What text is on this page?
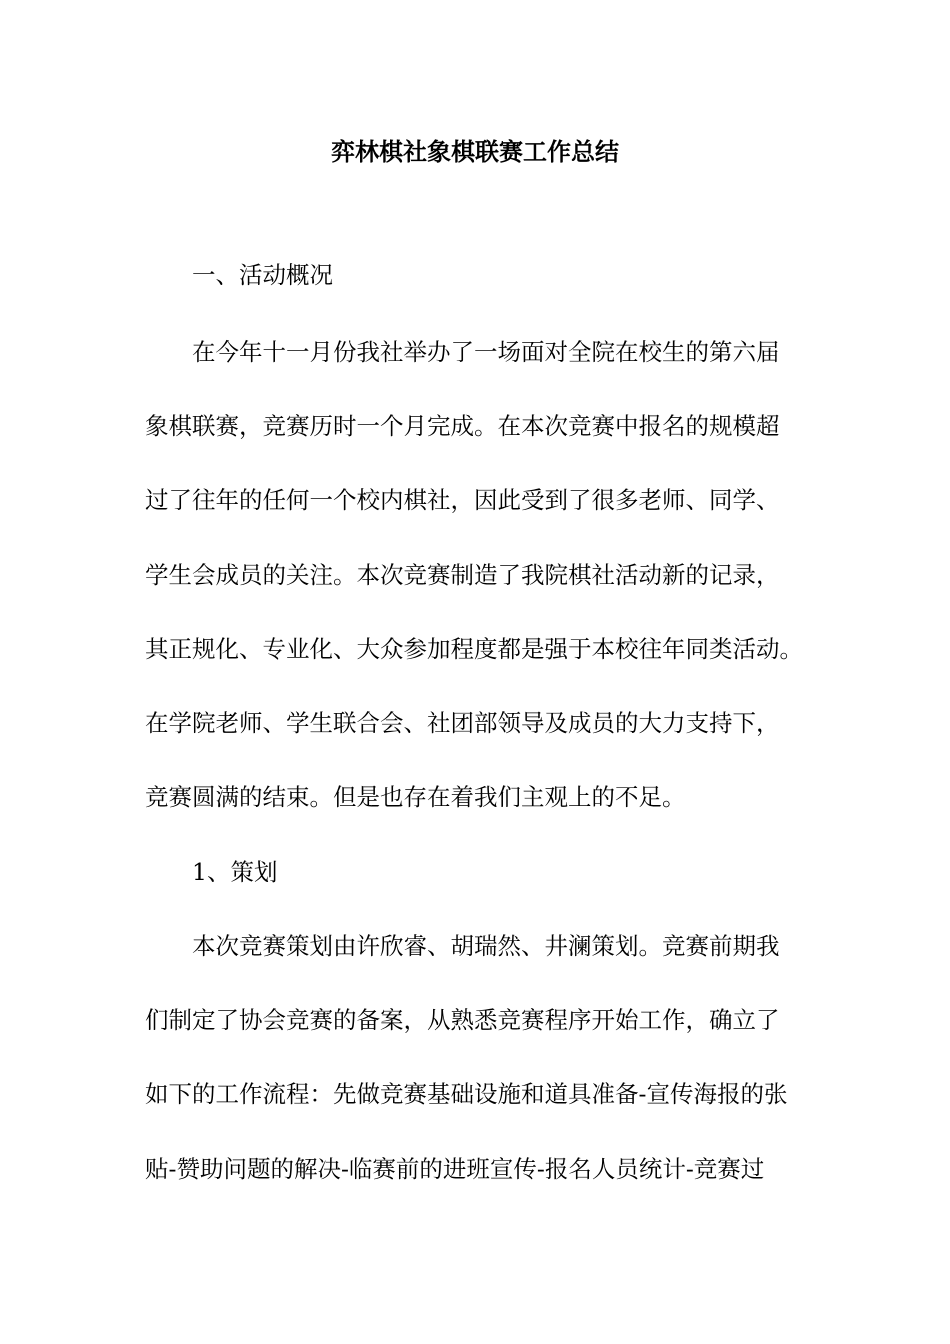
弈林棋社象棋联赛工作总结
一、活动概况
在今年十一月份我社举办了一场面对全院在校生的第六届
象棋联赛，竞赛历时一个月完成。在本次竞赛中报名的规模超
过了往年的任何一个校内棋社，因此受到了很多老师、同学、
学生会成员的关注。本次竞赛制造了我院棋社活动新的记录，
其正规化、专业化、大众参加程度都是强于本校往年同类活动。
在学院老师、学生联合会、社团部领导及成员的大力支持下，
竞赛圆满的结束。但是也存在着我们主观上的不足。
1、策划
本次竞赛策划由许欣睿、胡瑞然、井澜策划。竞赛前期我
们制定了协会竞赛的备案，从熟悉竞赛程序开始工作，确立了
如下的工作流程：先做竞赛基础设施和道具准备-宣传海报的张
贴-赞助问题的解决-临赛前的进班宣传-报名人员统计-竞赛过
